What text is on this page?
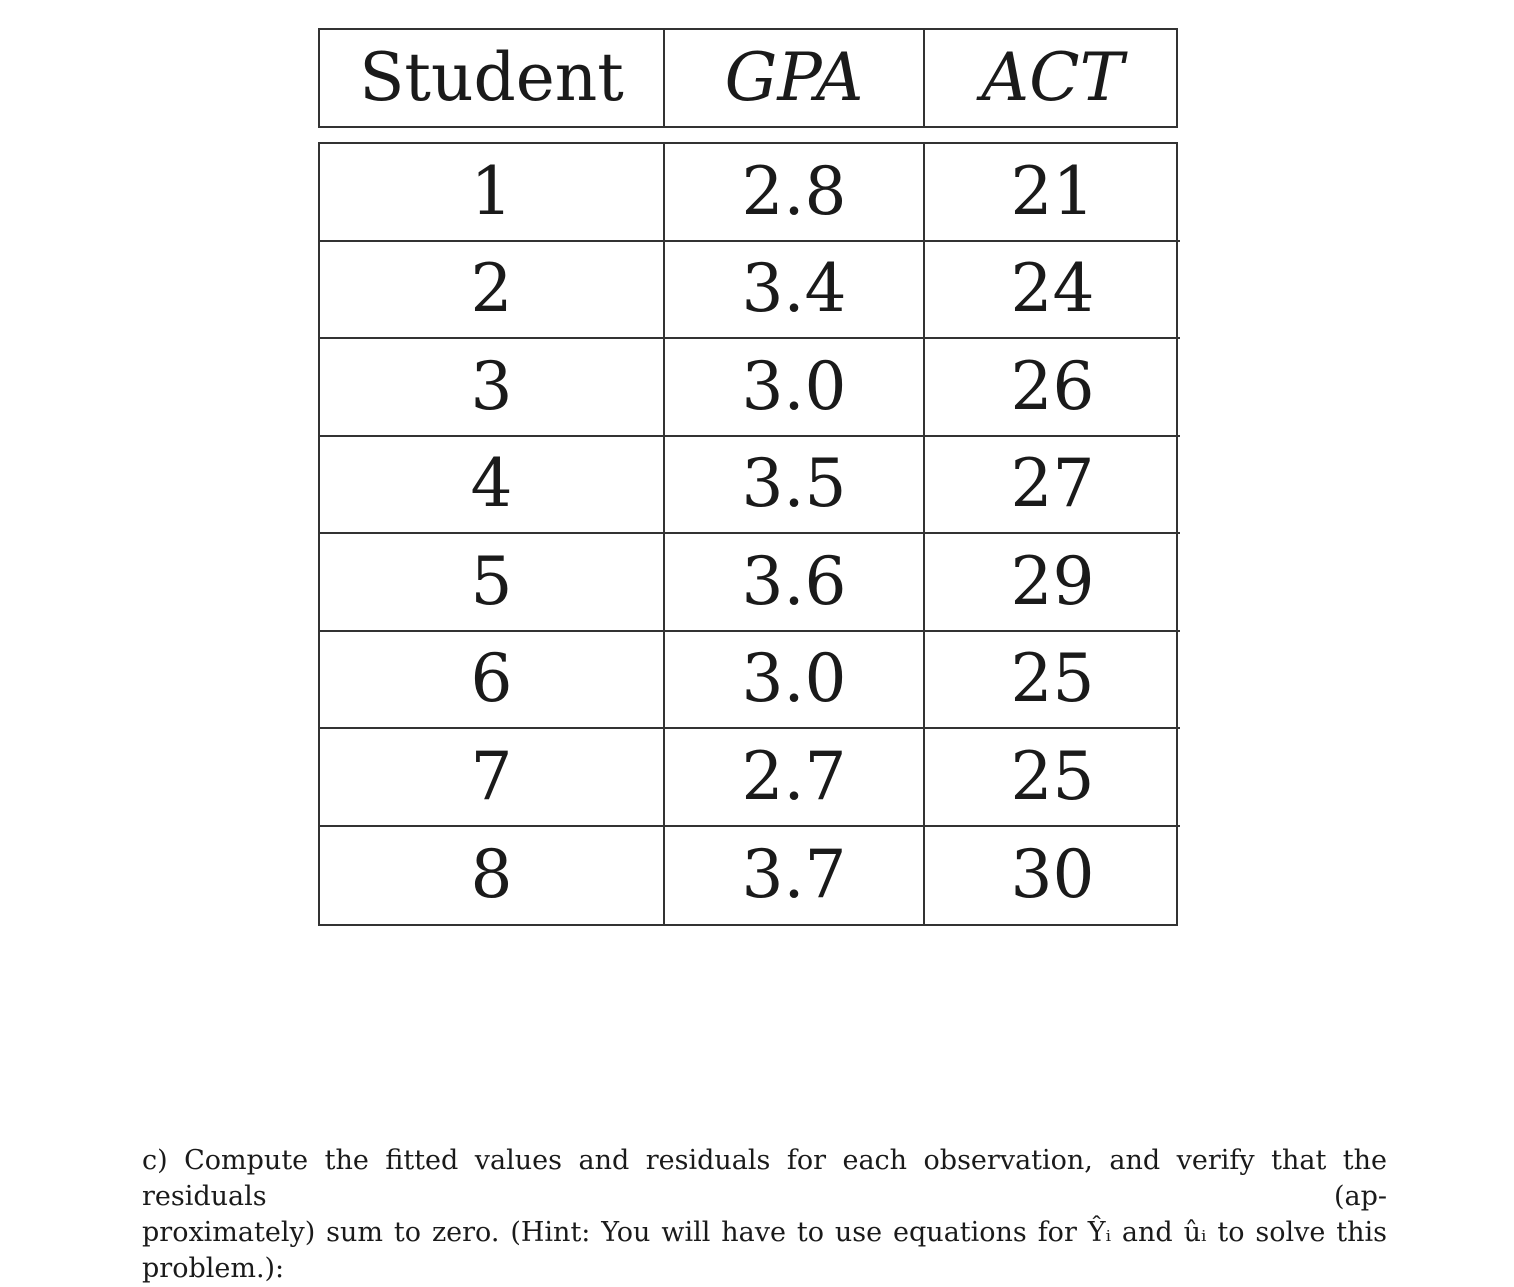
Student	GPA	ACT
1	2.8	21
2	3.4	24
3	3.0	26
4	3.5	27
5	3.6	29
6	3.0	25
7	2.7	25
8	3.7	30
c) Compute the fitted values and residuals for each observation, and verify that the residuals (ap-
proximately) sum to zero. (Hint: You will have to use equations for Ŷᵢ and ûᵢ to solve this problem.):
